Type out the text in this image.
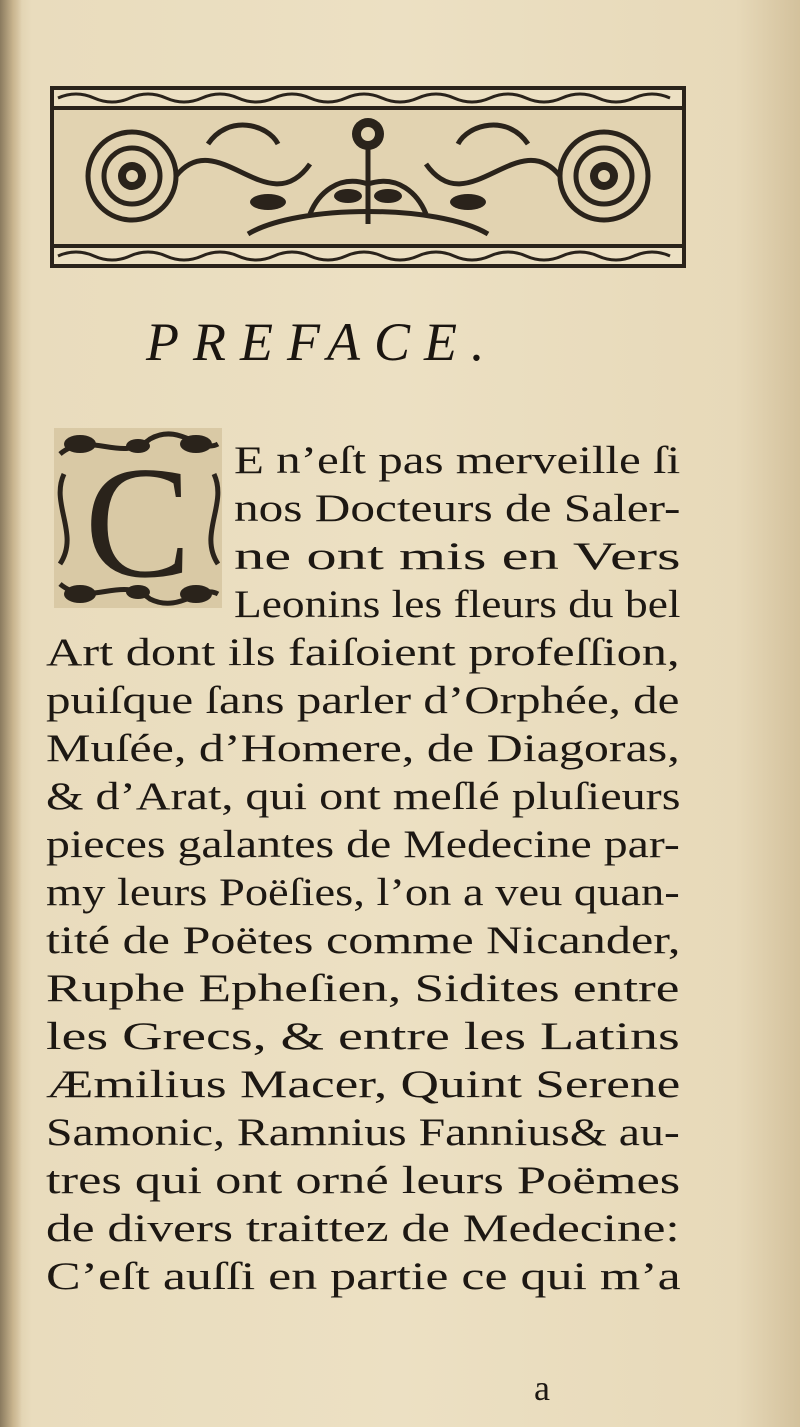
PREFACE.
C E n’eſt pas merveille ſi
nos Docteurs de Saler-
ne ont mis en Vers
Leonins les fleurs du bel
Art dont ils faiſoient profeſſion,
puiſque ſans parler d’Orphée, de
Muſée, d’Homere, de Diagoras,
& d’Arat, qui ont meſlé pluſieurs
pieces galantes de Medecine par-
my leurs Poëſies, l’on a veu quan-
tité de Poëtes comme Nicander,
Ruphe Epheſien, Sidites entre
les Grecs, & entre les Latins
Æmilius Macer, Quint Serene
Samonic, Ramnius Fannius& au-
tres qui ont orné leurs Poëmes
de divers traittez de Medecine:
C’eſt auſſi en partie ce qui m’a
a
